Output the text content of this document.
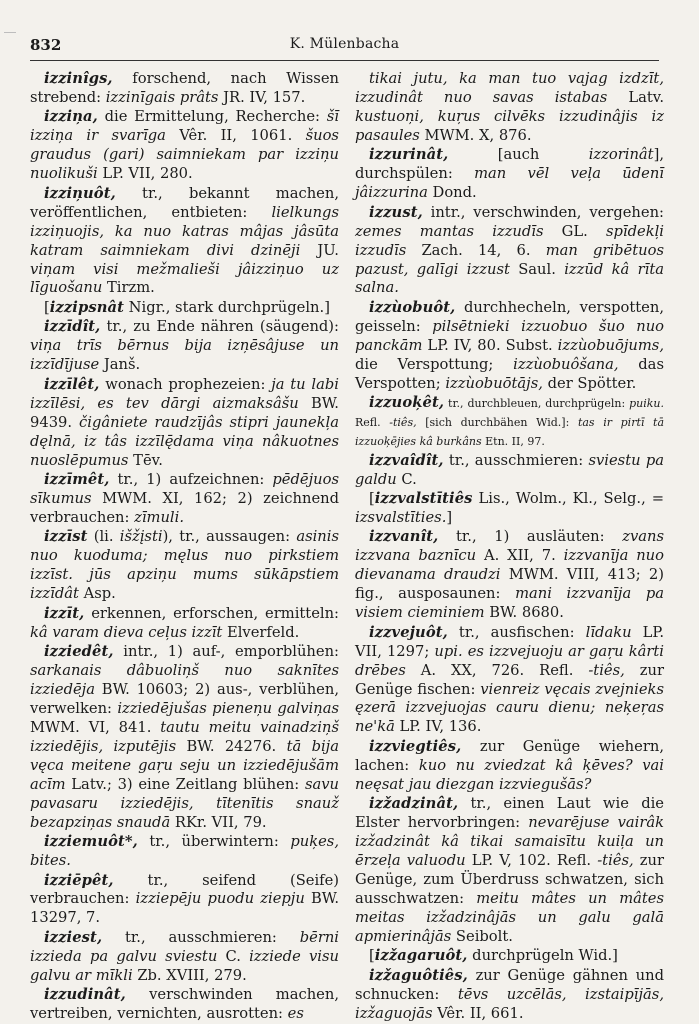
832	K. Mülenbacha

izzinîgs, forschend, nach Wissen strebend: izzinīgais prâts JR. IV, 157.

izziņa, die Ermittelung, Recherche: šī izziņa ir svarīga Vêr. II, 1061. šuos graudus (gari) saimniekam par izziņu nuolikuši LP. VII, 280.

izziņuôt, tr., bekannt machen, veröffentlichen, entbieten: lielkungs izziņuojis, ka nuo katras mâjas jâsūta katram saimniekam divi dzinēji JU. viņam visi mežmalieši jâizziņuo uz līguošanu Tirzm.

[izzipsnât Nigr., stark durchprügeln.]

izzīdît, tr., zu Ende nähren (säugend): viņa trīs bērnus bija izņēsâjuse un izzīdījuse Janš.

izzīlêt, wonach prophezeien: ja tu labi izzīlēsi, es tev dārgi aizmaksâšu BW. 9439. čigâniete raudzījâs stipri jaunekļa dęlnā, iz tâs izzīlę̄dama viņa nâkuotnes nuoslēpumus Tēv.

izzīmêt, tr., 1) aufzeichnen: pēdējuos sīkumus MWM. XI, 162; 2) zeichnend verbrauchen: zīmuli.

izzīst (li. išžįsti), tr., aussaugen: asinis nuo kuoduma; męlus nuo pirkstiem izzīst. jūs apziņu mums sūkāpstiem izzīdât Asp.

izzīt, erkennen, erforschen, ermitteln: kâ varam dieva ceļus izzīt Elverfeld.

izziedêt, intr., 1) auf-, emporblühen: sarkanais dâbuoliņš nuo saknītes izziedēja BW. 10603; 2) aus-, verblühen, verwelken: izziedējušas pieneņu galviņas MWM. VI, 841. tautu meitu vainadziņš izziedējis, izputējis BW. 24276. tā bija vęca meitene gaŗu seju un izziedējušām acīm Latv.; 3) eine Zeitlang blühen: savu pavasaru izziedējis, tītenītis snauž bezapziņas snaudā RKr. VII, 79.

izziemuôt*, tr., überwintern: puķes, bites.

izziēpêt, tr., seifend (Seife) verbrauchen: izziepēju puodu ziepju BW. 13297, 7.

izziest, tr., ausschmieren: bērni izzieda pa galvu sviestu C. izziede visu galvu ar mīkli Zb. XVIII, 279.

izzudinât, verschwinden machen, vertreiben, vernichten, ausrotten: es

tikai jutu, ka man tuo vajag izdzīt, izzudinât nuo savas istabas Latv. kustuoņi, kuŗus cilvēks izzudinâjis iz pasaules MWM. X, 876.

izzurinât, [auch izzorinât], durchspülen: man vēl veļa ūdenī jâizzurina Dond.

izzust, intr., verschwinden, vergehen: zemes mantas izzudīs GL. spīdekļi izzudīs Zach. 14, 6. man gribētuos pazust, galīgi izzust Saul. izzūd kâ rīta salna.

izzùobuôt, durchhecheln, verspotten, geisseln: pilsētnieki izzuobuo šuo nuo panckām LP. IV, 80. Subst. izzùobuōjums, die Verspottung; izzùobuôšana, das Verspotten; izzùobuōtājs, der Spötter.

izzuoķêt, tr., durchbleuen, durchprügeln: puiku. Refl. -tiês, [sich durchbähen Wid.]: tas ir pirtī tā izzuoķējies kâ burkâns Etn. II, 97.

izzvaîdît, tr., ausschmieren: sviestu pa galdu C.

[izzvalstītiês Lis., Wolm., Kl., Selg., = izsvalstīties.]

izzvanît, tr., 1) ausläuten: zvans izzvana baznīcu A. XII, 7. izzvanīja nuo dievanama draudzi MWM. VIII, 413; 2) fig., ausposaunen: mani izzvanīja pa visiem cieminiem BW. 8680.

izzvejuôt, tr., ausfischen: līdaku LP. VII, 1297; upi. es izzvejuoju ar gaŗu kârti drēbes A. XX, 726. Refl. -tiês, zur Genüge fischen: vienreiz vęcais zvejnieks ęzerā izzvejuojas cauru dienu; neķeŗas ne'kā LP. IV, 136.

izzviegtiês, zur Genüge wiehern, lachen: kuo nu zviedzat kâ ķēves? vai neęsat jau diezgan izzviegušās?

izžadzinât, tr., einen Laut wie die Elster hervorbringen: nevarējuse vairâk izžadzinât kâ tikai samaisītu kuiļa un ērzeļa valuodu LP. V, 102. Refl. -tiês, zur Genüge, zum Überdruss schwatzen, sich ausschwatzen: meitu mâtes un mâtes meitas izžadzinâjās un galu galā apmierinâjās Seibolt.

[izžagaruôt, durchprügeln Wid.]

izžaguôtiês, zur Genüge gähnen und schnucken: tēvs uzcēlās, izstaipījās, izžaguojās Vêr. II, 661.
